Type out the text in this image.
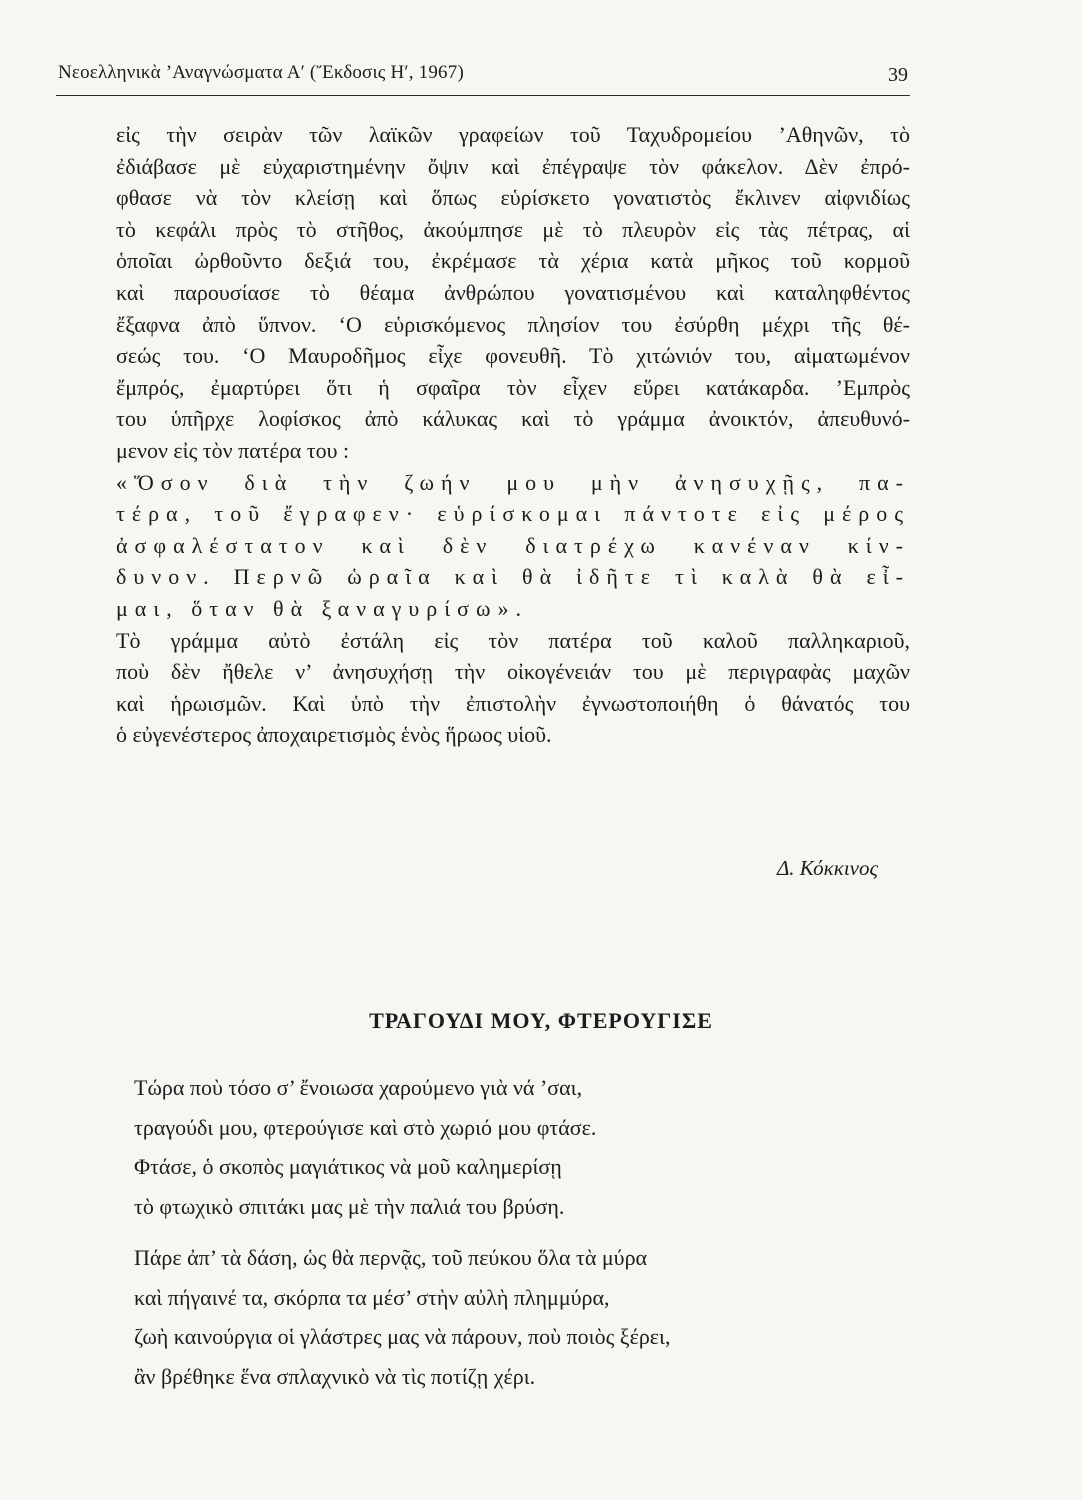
Νεοελληνικὰ ’Αναγνώσματα Α′ (Ἔκδοσις Η′, 1967)	39
εἰς τὴν σειρὰν τῶν λαϊκῶν γραφείων τοῦ Ταχυδρομείου ’Αθηνῶν, τὸ
ἐδιάβασε μὲ εὐχαριστημένην ὄψιν καὶ ἐπέγραψε τὸν φάκελον. Δὲν ἐπρό-
φθασε νὰ τὸν κλείσῃ καὶ ὅπως εὑρίσκετο γονατιστὸς ἔκλινεν αἰφνιδίως
τὸ κεφάλι πρὸς τὸ στῆθος, ἀκούμπησε μὲ τὸ πλευρὸν εἰς τὰς πέτρας, αἱ
ὁποῖαι ὠρθοῦντο δεξιά του, ἐκρέμασε τὰ χέρια κατὰ μῆκος τοῦ κορμοῦ
καὶ παρουσίασε τὸ θέαμα ἀνθρώπου γονατισμένου καὶ καταληφθέντος
ἔξαφνα ἀπὸ ὕπνον. ‘Ο εὑρισκόμενος πλησίον του ἐσύρθη μέχρι τῆς θέ-
σεώς του. ‘Ο Μαυροδῆμος εἶχε φονευθῆ. Τὸ χιτώνιόν του, αἱματωμένον
ἔμπρός, ἐμαρτύρει ὅτι ἡ σφαῖρα τὸν εἶχεν εὕρει κατάκαρδα. ’Εμπρὸς
του ὑπῆρχε λοφίσκος ἀπὸ κάλυκας καὶ τὸ γράμμα ἀνοικτόν, ἀπευθυνό-
μενον εἰς τὸν πατέρα του :
«Ὅσον διὰ τὴν ζωήν μου μὴν ἀνησυχῇς, πα-
τέρα, τοῦ ἔγραφεν· εὑρίσκομαι πάντοτε εἰς μέρος
ἀσφαλέστατον καὶ δὲν διατρέχω κανέναν κίν-
δυνον. Περνῶ ὡραῖα καὶ θὰ ἰδῆτε τὶ καλὰ θὰ εἶ-
μαι, ὅταν θὰ ξαναγυρίσω».
Τὸ γράμμα αὐτὸ ἐστάλη εἰς τὸν πατέρα τοῦ καλοῦ παλληκαριοῦ,
ποὺ δὲν ἤθελε ν’ ἀνησυχήσῃ τὴν οἰκογένειάν του μὲ περιγραφὰς μαχῶν
καὶ ἡρωισμῶν. Καὶ ὑπὸ τὴν ἐπιστολὴν ἐγνωστοποιήθη ὁ θάνατός του
ὁ εὐγενέστερος ἀποχαιρετισμὸς ἑνὸς ἥρωος υἱοῦ.
Δ. Κόκκινος
ΤΡΑΓΟΥΔΙ ΜΟΥ, ΦΤΕΡΟΥΓΙΣΕ
Τώρα ποὺ τόσο σ’ ἔνοιωσα χαρούμενο γιὰ νά ’σαι,
τραγούδι μου, φτερούγισε καὶ στὸ χωριό μου φτάσε.
Φτάσε, ὁ σκοπὸς μαγιάτικος νὰ μοῦ καλημερίσῃ
τὸ φτωχικὸ σπιτάκι μας μὲ τὴν παλιά του βρύση.
Πάρε ἀπ’ τὰ δάση, ὡς θὰ περνᾷς, τοῦ πεύκου ὅλα τὰ μύρα
καὶ πήγαινέ τα, σκόρπα τα μέσ’ στὴν αὐλὴ πλημμύρα,
ζωὴ καινούργια οἱ γλάστρες μας νὰ πάρουν, ποὺ ποιὸς ξέρει,
ἂν βρέθηκε ἕνα σπλαχνικὸ νὰ τὶς ποτίζῃ χέρι.
